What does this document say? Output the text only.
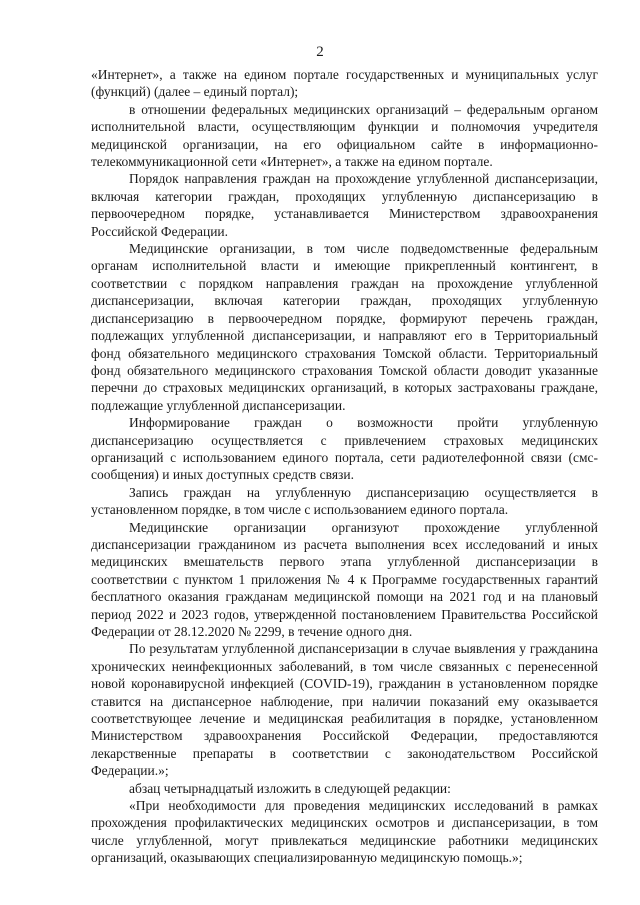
2

«Интернет», а также на едином портале государственных и муниципальных услуг (функций) (далее – единый портал);

в отношении федеральных медицинских организаций – федеральным органом исполнительной власти, осуществляющим функции и полномочия учредителя медицинской организации, на его официальном сайте в информационно-телекоммуникационной сети «Интернет», а также на едином портале.

Порядок направления граждан на прохождение углубленной диспансеризации, включая категории граждан, проходящих углубленную диспансеризацию в первоочередном порядке, устанавливается Министерством здравоохранения Российской Федерации.

Медицинские организации, в том числе подведомственные федеральным органам исполнительной власти и имеющие прикрепленный контингент, в соответствии с порядком направления граждан на прохождение углубленной диспансеризации, включая категории граждан, проходящих углубленную диспансеризацию в первоочередном порядке, формируют перечень граждан, подлежащих углубленной диспансеризации, и направляют его в Территориальный фонд обязательного медицинского страхования Томской области. Территориальный фонд обязательного медицинского страхования Томской области доводит указанные перечни до страховых медицинских организаций, в которых застрахованы граждане, подлежащие углубленной диспансеризации.

Информирование граждан о возможности пройти углубленную диспансеризацию осуществляется с привлечением страховых медицинских организаций с использованием единого портала, сети радиотелефонной связи (смс-сообщения) и иных доступных средств связи.

Запись граждан на углубленную диспансеризацию осуществляется в установленном порядке, в том числе с использованием единого портала.

Медицинские организации организуют прохождение углубленной диспансеризации гражданином из расчета выполнения всех исследований и иных медицинских вмешательств первого этапа углубленной диспансеризации в соответствии с пунктом 1 приложения № 4 к Программе государственных гарантий бесплатного оказания гражданам медицинской помощи на 2021 год и на плановый период 2022 и 2023 годов, утвержденной постановлением Правительства Российской Федерации от 28.12.2020 № 2299, в течение одного дня.

По результатам углубленной диспансеризации в случае выявления у гражданина хронических неинфекционных заболеваний, в том числе связанных с перенесенной новой коронавирусной инфекцией (COVID-19), гражданин в установленном порядке ставится на диспансерное наблюдение, при наличии показаний ему оказывается соответствующее лечение и медицинская реабилитация в порядке, установленном Министерством здравоохранения Российской Федерации, предоставляются лекарственные препараты в соответствии с законодательством Российской Федерации.»;

абзац четырнадцатый изложить в следующей редакции:

«При необходимости для проведения медицинских исследований в рамках прохождения профилактических медицинских осмотров и диспансеризации, в том числе углубленной, могут привлекаться медицинские работники медицинских организаций, оказывающих специализированную медицинскую помощь.»;
